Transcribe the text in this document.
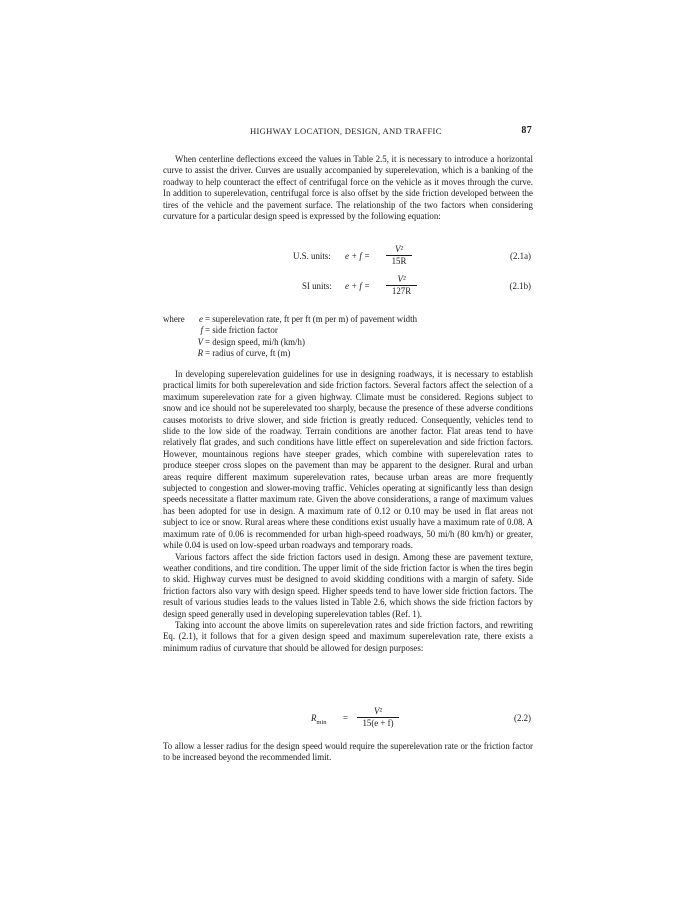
HIGHWAY LOCATION, DESIGN, AND TRAFFIC	87

When centerline deflections exceed the values in Table 2.5, it is necessary to introduce a horizontal curve to assist the driver. Curves are usually accompanied by superelevation, which is a banking of the roadway to help counteract the effect of centrifugal force on the vehicle as it moves through the curve. In addition to superelevation, centrifugal force is also offset by the side friction developed between the tires of the vehicle and the pavement surface. The relationship of the two factors when considering curvature for a particular design speed is expressed by the following equation:

U.S. units: e + f =
V²
15R	(2.1a)
SI units: e + f =
V²
127R	(2.1b)
where	e = superelevation rate, ft per ft (m per m) of pavement width
f = side friction factor
V = design speed, mi/h (km/h)
R = radius of curve, ft (m)

In developing superelevation guidelines for use in designing roadways, it is necessary to establish practical limits for both superelevation and side friction factors. Several factors affect the selection of a maximum superelevation rate for a given highway. Climate must be considered. Regions subject to snow and ice should not be superelevated too sharply, because the presence of these adverse conditions causes motorists to drive slower, and side friction is greatly reduced. Consequently, vehicles tend to slide to the low side of the roadway. Terrain conditions are another factor. Flat areas tend to have relatively flat grades, and such conditions have little effect on superelevation and side friction factors. However, mountainous regions have steeper grades, which combine with superelevation rates to produce steeper cross slopes on the pavement than may be apparent to the designer. Rural and urban areas require different maximum superelevation rates, because urban areas are more frequently subjected to congestion and slower-moving traffic. Vehicles operating at significantly less than design speeds necessitate a flatter maximum rate. Given the above considerations, a range of maximum values has been adopted for use in design. A maximum rate of 0.12 or 0.10 may be used in flat areas not subject to ice or snow. Rural areas where these conditions exist usually have a maximum rate of 0.08. A maximum rate of 0.06 is recommended for urban high-speed roadways, 50 mi/h (80 km/h) or greater, while 0.04 is used on low-speed urban roadways and temporary roads.

Various factors affect the side friction factors used in design. Among these are pavement texture, weather conditions, and tire condition. The upper limit of the side friction factor is when the tires begin to skid. Highway curves must be designed to avoid skidding conditions with a margin of safety. Side friction factors also vary with design speed. Higher speeds tend to have lower side friction factors. The result of various studies leads to the values listed in Table 2.6, which shows the side friction factors by design speed generally used in developing superelevation tables (Ref. 1).

Taking into account the above limits on superelevation rates and side friction factors, and rewriting Eq. (2.1), it follows that for a given design speed and maximum superelevation rate, there exists a minimum radius of curvature that should be allowed for design purposes:

$R_{min}$ =
V²
15(e + f)	(2.2)

To allow a lesser radius for the design speed would require the superelevation rate or the friction factor to be increased beyond the recommended limit.
